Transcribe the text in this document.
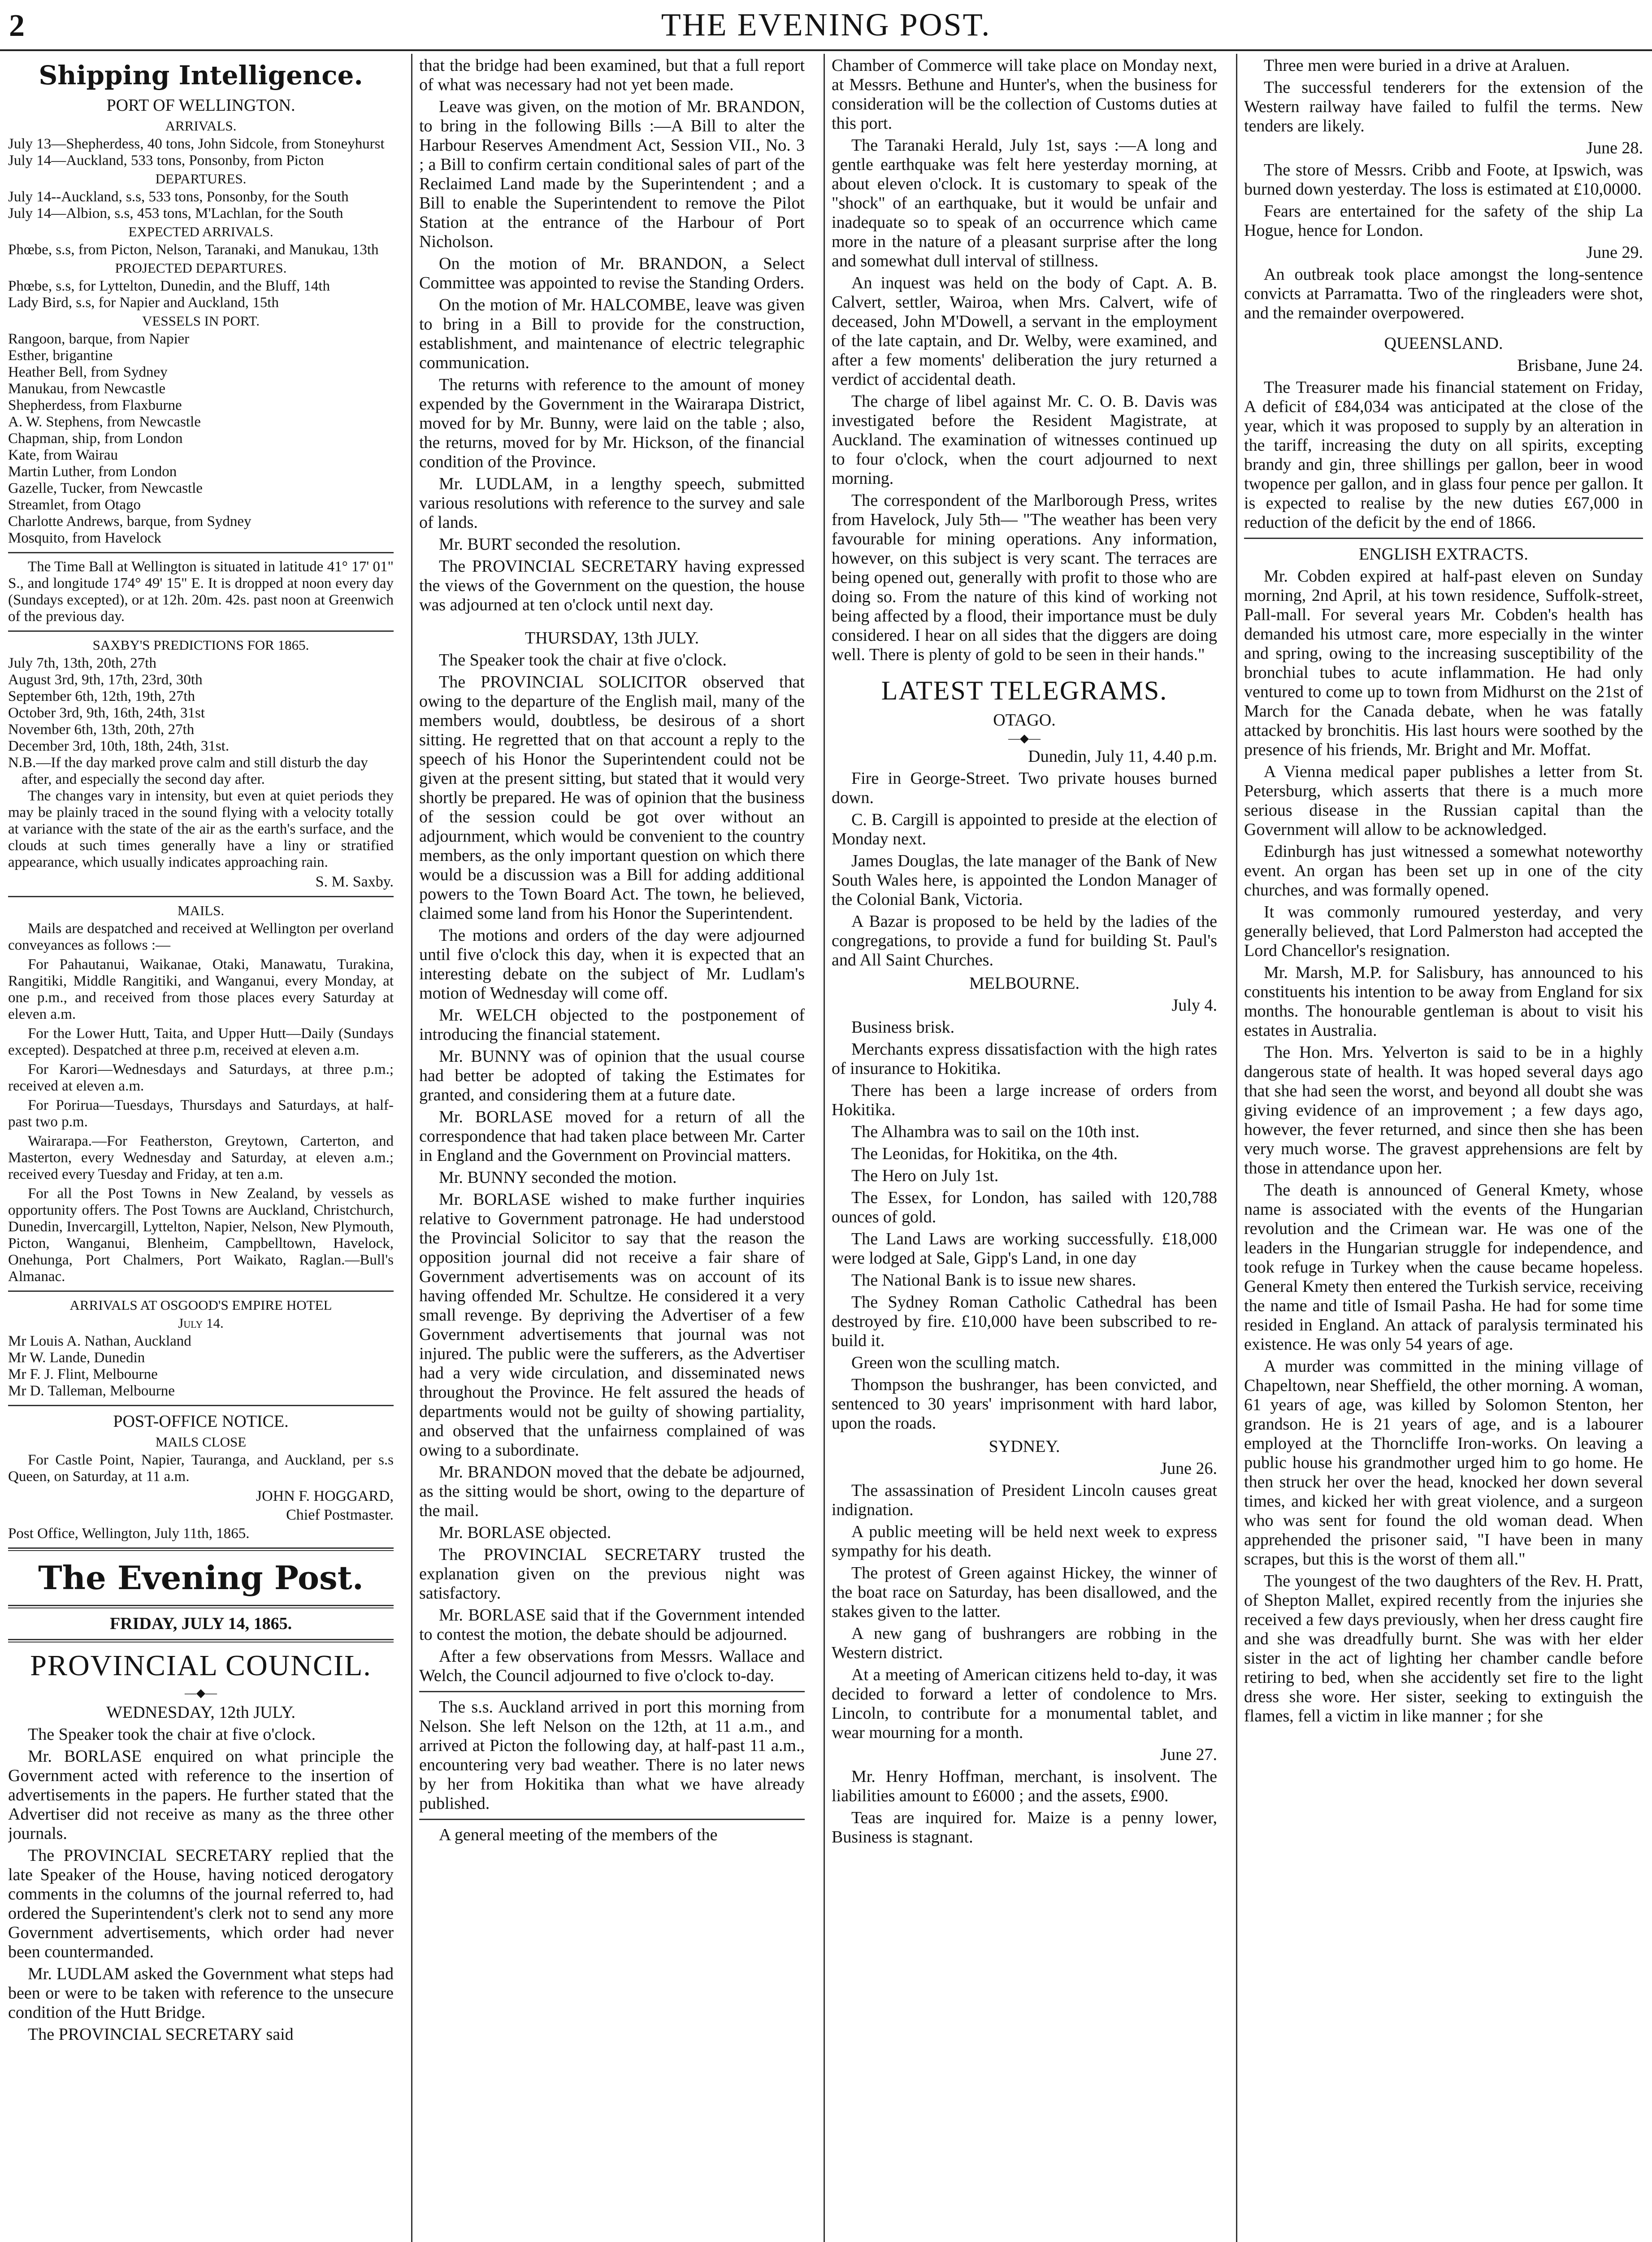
2	THE EVENING POST.
Shipping Intelligence.
PORT OF WELLINGTON.
ARRIVALS.
July 13—Shepherdess, 40 tons, John Sidcole, from Stoneyhurst
July 14—Auckland, 533 tons, Ponsonby, from Picton
DEPARTURES.
July 14--Auckland, s.s, 533 tons, Ponsonby, for the South
July 14—Albion, s.s, 453 tons, M'Lachlan, for the South
EXPECTED ARRIVALS.
Phœbe, s.s, from Picton, Nelson, Taranaki, and Manukau, 13th
PROJECTED DEPARTURES.
Phœbe, s.s, for Lyttelton, Dunedin, and the Bluff, 14th
Lady Bird, s.s, for Napier and Auckland, 15th
VESSELS IN PORT.
Rangoon, barque, from Napier
Esther, brigantine
Heather Bell, from Sydney
Manukau, from Newcastle
Shepherdess, from Flaxburne
A. W. Stephens, from Newcastle
Chapman, ship, from London
Kate, from Wairau
Martin Luther, from London
Gazelle, Tucker, from Newcastle
Streamlet, from Otago
Charlotte Andrews, barque, from Sydney
Mosquito, from Havelock

The Time Ball at Wellington is situated in latitude 41° 17' 01" S., and longitude 174° 49' 15" E. It is dropped at noon every day (Sundays excepted), or at 12h. 20m. 42s. past noon at Greenwich of the previous day.

SAXBY'S PREDICTIONS FOR 1865.
July 7th, 13th, 20th, 27th
August 3rd, 9th, 17th, 23rd, 30th
September 6th, 12th, 19th, 27th
October 3rd, 9th, 16th, 24th, 31st
November 6th, 13th, 20th, 27th
December 3rd, 10th, 18th, 24th, 31st.
N.B.—If the day marked prove calm and still disturb the day after, and especially the second day after.

The changes vary in intensity, but even at quiet periods they may be plainly traced in the sound flying with a velocity totally at variance with the state of the air as the earth's surface, and the clouds at such times generally have a liny or stratified appearance, which usually indicates approaching rain.

S. M. Saxby.
MAILS.

Mails are despatched and received at Wellington per overland conveyances as follows :—

For Pahautanui, Waikanae, Otaki, Manawatu, Turakina, Rangitiki, Middle Rangitiki, and Wanganui, every Monday, at one p.m., and received from those places every Saturday at eleven a.m.

For the Lower Hutt, Taita, and Upper Hutt—Daily (Sundays excepted). Despatched at three p.m, received at eleven a.m.

For Karori—Wednesdays and Saturdays, at three p.m.; received at eleven a.m.

For Porirua—Tuesdays, Thursdays and Saturdays, at half-past two p.m.

Wairarapa.—For Featherston, Greytown, Carterton, and Masterton, every Wednesday and Saturday, at eleven a.m.; received every Tuesday and Friday, at ten a.m.

For all the Post Towns in New Zealand, by vessels as opportunity offers. The Post Towns are Auckland, Christchurch, Dunedin, Invercargill, Lyttelton, Napier, Nelson, New Plymouth, Picton, Wanganui, Blenheim, Campbelltown, Havelock, Onehunga, Port Chalmers, Port Waikato, Raglan.—Bull's Almanac.

ARRIVALS AT OSGOOD'S EMPIRE HOTEL
July 14.
Mr Louis A. Nathan, Auckland
Mr W. Lande, Dunedin
Mr F. J. Flint, Melbourne
Mr D. Talleman, Melbourne
POST-OFFICE NOTICE.
MAILS CLOSE

For Castle Point, Napier, Tauranga, and Auckland, per s.s Queen, on Saturday, at 11 a.m.

JOHN F. HOGGARD,
Chief Postmaster.

Post Office, Wellington, July 11th, 1865.

The Evening Post.
FRIDAY, JULY 14, 1865.
PROVINCIAL COUNCIL.
—◆—
WEDNESDAY, 12th JULY.

The Speaker took the chair at five o'clock.

Mr. BORLASE enquired on what principle the Government acted with reference to the insertion of advertisements in the papers. He further stated that the Advertiser did not receive as many as the three other journals.

The PROVINCIAL SECRETARY replied that the late Speaker of the House, having noticed derogatory comments in the columns of the journal referred to, had ordered the Superintendent's clerk not to send any more Government advertisements, which order had never been countermanded.

Mr. LUDLAM asked the Government what steps had been or were to be taken with reference to the unsecure condition of the Hutt Bridge.

The PROVINCIAL SECRETARY said

that the bridge had been examined, but that a full report of what was necessary had not yet been made.

Leave was given, on the motion of Mr. BRANDON, to bring in the following Bills :—A Bill to alter the Harbour Reserves Amendment Act, Session VII., No. 3 ; a Bill to confirm certain conditional sales of part of the Reclaimed Land made by the Superintendent ; and a Bill to enable the Superintendent to remove the Pilot Station at the entrance of the Harbour of Port Nicholson.

On the motion of Mr. BRANDON, a Select Committee was appointed to revise the Standing Orders.

On the motion of Mr. HALCOMBE, leave was given to bring in a Bill to provide for the construction, establishment, and maintenance of electric telegraphic communication.

The returns with reference to the amount of money expended by the Government in the Wairarapa District, moved for by Mr. Bunny, were laid on the table ; also, the returns, moved for by Mr. Hickson, of the financial condition of the Province.

Mr. LUDLAM, in a lengthy speech, submitted various resolutions with reference to the survey and sale of lands.

Mr. BURT seconded the resolution.

The PROVINCIAL SECRETARY having expressed the views of the Government on the question, the house was adjourned at ten o'clock until next day.

THURSDAY, 13th JULY.

The Speaker took the chair at five o'clock.

The PROVINCIAL SOLICITOR observed that owing to the departure of the English mail, many of the members would, doubtless, be desirous of a short sitting. He regretted that on that account a reply to the speech of his Honor the Superintendent could not be given at the present sitting, but stated that it would very shortly be prepared. He was of opinion that the business of the session could be got over without an adjournment, which would be convenient to the country members, as the only important question on which there would be a discussion was a Bill for adding additional powers to the Town Board Act. The town, he believed, claimed some land from his Honor the Superintendent.

The motions and orders of the day were adjourned until five o'clock this day, when it is expected that an interesting debate on the subject of Mr. Ludlam's motion of Wednesday will come off.

Mr. WELCH objected to the postponement of introducing the financial statement.

Mr. BUNNY was of opinion that the usual course had better be adopted of taking the Estimates for granted, and considering them at a future date.

Mr. BORLASE moved for a return of all the correspondence that had taken place between Mr. Carter in England and the Government on Provincial matters.

Mr. BUNNY seconded the motion.

Mr. BORLASE wished to make further inquiries relative to Government patronage. He had understood the Provincial Solicitor to say that the reason the opposition journal did not receive a fair share of Government advertisements was on account of its having offended Mr. Schultze. He considered it a very small revenge. By depriving the Advertiser of a few Government advertisements that journal was not injured. The public were the sufferers, as the Advertiser had a very wide circulation, and disseminated news throughout the Province. He felt assured the heads of departments would not be guilty of showing partiality, and observed that the unfairness complained of was owing to a subordinate.

Mr. BRANDON moved that the debate be adjourned, as the sitting would be short, owing to the departure of the mail.

Mr. BORLASE objected.

The PROVINCIAL SECRETARY trusted the explanation given on the previous night was satisfactory.

Mr. BORLASE said that if the Government intended to contest the motion, the debate should be adjourned.

After a few observations from Messrs. Wallace and Welch, the Council adjourned to five o'clock to-day.

The s.s. Auckland arrived in port this morning from Nelson. She left Nelson on the 12th, at 11 a.m., and arrived at Picton the following day, at half-past 11 a.m., encountering very bad weather. There is no later news by her from Hokitika than what we have already published.

A general meeting of the members of the

Chamber of Commerce will take place on Monday next, at Messrs. Bethune and Hunter's, when the business for consideration will be the collection of Customs duties at this port.

The Taranaki Herald, July 1st, says :—A long and gentle earthquake was felt here yesterday morning, at about eleven o'clock. It is customary to speak of the "shock" of an earthquake, but it would be unfair and inadequate so to speak of an occurrence which came more in the nature of a pleasant surprise after the long and somewhat dull interval of stillness.

An inquest was held on the body of Capt. A. B. Calvert, settler, Wairoa, when Mrs. Calvert, wife of deceased, John M'Dowell, a servant in the employment of the late captain, and Dr. Welby, were examined, and after a few moments' deliberation the jury returned a verdict of accidental death.

The charge of libel against Mr. C. O. B. Davis was investigated before the Resident Magistrate, at Auckland. The examination of witnesses continued up to four o'clock, when the court adjourned to next morning.

The correspondent of the Marlborough Press, writes from Havelock, July 5th— "The weather has been very favourable for mining operations. Any information, however, on this subject is very scant. The terraces are being opened out, generally with profit to those who are doing so. From the nature of this kind of working not being affected by a flood, their importance must be duly considered. I hear on all sides that the diggers are doing well. There is plenty of gold to be seen in their hands."

LATEST TELEGRAMS.
OTAGO.
—◆—

Dunedin, July 11, 4.40 p.m.

Fire in George-Street. Two private houses burned down.

C. B. Cargill is appointed to preside at the election of Monday next.

James Douglas, the late manager of the Bank of New South Wales here, is appointed the London Manager of the Colonial Bank, Victoria.

A Bazar is proposed to be held by the ladies of the congregations, to provide a fund for building St. Paul's and All Saint Churches.

MELBOURNE.

July 4.

Business brisk.

Merchants express dissatisfaction with the high rates of insurance to Hokitika.

There has been a large increase of orders from Hokitika.

The Alhambra was to sail on the 10th inst.

The Leonidas, for Hokitika, on the 4th.

The Hero on July 1st.

The Essex, for London, has sailed with 120,788 ounces of gold.

The Land Laws are working successfully. £18,000 were lodged at Sale, Gipp's Land, in one day

The National Bank is to issue new shares.

The Sydney Roman Catholic Cathedral has been destroyed by fire. £10,000 have been subscribed to re-build it.

Green won the sculling match.

Thompson the bushranger, has been convicted, and sentenced to 30 years' imprisonment with hard labor, upon the roads.

SYDNEY.

June 26.

The assassination of President Lincoln causes great indignation.

A public meeting will be held next week to express sympathy for his death.

The protest of Green against Hickey, the winner of the boat race on Saturday, has been disallowed, and the stakes given to the latter.

A new gang of bushrangers are robbing in the Western district.

At a meeting of American citizens held to-day, it was decided to forward a letter of condolence to Mrs. Lincoln, to contribute for a monumental tablet, and wear mourning for a month.

June 27.

Mr. Henry Hoffman, merchant, is insolvent. The liabilities amount to £6000 ; and the assets, £900.

Teas are inquired for. Maize is a penny lower, Business is stagnant.

Three men were buried in a drive at Araluen.

The successful tenderers for the extension of the Western railway have failed to fulfil the terms. New tenders are likely.

June 28.

The store of Messrs. Cribb and Foote, at Ipswich, was burned down yesterday. The loss is estimated at £10,0000.

Fears are entertained for the safety of the ship La Hogue, hence for London.

June 29.

An outbreak took place amongst the long-sentence convicts at Parramatta. Two of the ringleaders were shot, and the remainder overpowered.

QUEENSLAND.

Brisbane, June 24.

The Treasurer made his financial statement on Friday, A deficit of £84,034 was anticipated at the close of the year, which it was proposed to supply by an alteration in the tariff, increasing the duty on all spirits, excepting brandy and gin, three shillings per gallon, beer in wood twopence per gallon, and in glass four pence per gallon. It is expected to realise by the new duties £67,000 in reduction of the deficit by the end of 1866.

ENGLISH EXTRACTS.

Mr. Cobden expired at half-past eleven on Sunday morning, 2nd April, at his town residence, Suffolk-street, Pall-mall. For several years Mr. Cobden's health has demanded his utmost care, more especially in the winter and spring, owing to the increasing susceptibility of the bronchial tubes to acute inflammation. He had only ventured to come up to town from Midhurst on the 21st of March for the Canada debate, when he was fatally attacked by bronchitis. His last hours were soothed by the presence of his friends, Mr. Bright and Mr. Moffat.

A Vienna medical paper publishes a letter from St. Petersburg, which asserts that there is a much more serious disease in the Russian capital than the Government will allow to be acknowledged.

Edinburgh has just witnessed a somewhat noteworthy event. An organ has been set up in one of the city churches, and was formally opened.

It was commonly rumoured yesterday, and very generally believed, that Lord Palmerston had accepted the Lord Chancellor's resignation.

Mr. Marsh, M.P. for Salisbury, has announced to his constituents his intention to be away from England for six months. The honourable gentleman is about to visit his estates in Australia.

The Hon. Mrs. Yelverton is said to be in a highly dangerous state of health. It was hoped several days ago that she had seen the worst, and beyond all doubt she was giving evidence of an improvement ; a few days ago, however, the fever returned, and since then she has been very much worse. The gravest apprehensions are felt by those in attendance upon her.

The death is announced of General Kmety, whose name is associated with the events of the Hungarian revolution and the Crimean war. He was one of the leaders in the Hungarian struggle for independence, and took refuge in Turkey when the cause became hopeless. General Kmety then entered the Turkish service, receiving the name and title of Ismail Pasha. He had for some time resided in England. An attack of paralysis terminated his existence. He was only 54 years of age.

A murder was committed in the mining village of Chapeltown, near Sheffield, the other morning. A woman, 61 years of age, was killed by Solomon Stenton, her grandson. He is 21 years of age, and is a labourer employed at the Thorncliffe Iron-works. On leaving a public house his grandmother urged him to go home. He then struck her over the head, knocked her down several times, and kicked her with great violence, and a surgeon who was sent for found the old woman dead. When apprehended the prisoner said, "I have been in many scrapes, but this is the worst of them all."

The youngest of the two daughters of the Rev. H. Pratt, of Shepton Mallet, expired recently from the injuries she received a few days previously, when her dress caught fire and she was dreadfully burnt. She was with her elder sister in the act of lighting her chamber candle before retiring to bed, when she accidently set fire to the light dress she wore. Her sister, seeking to extinguish the flames, fell a victim in like manner ; for she
